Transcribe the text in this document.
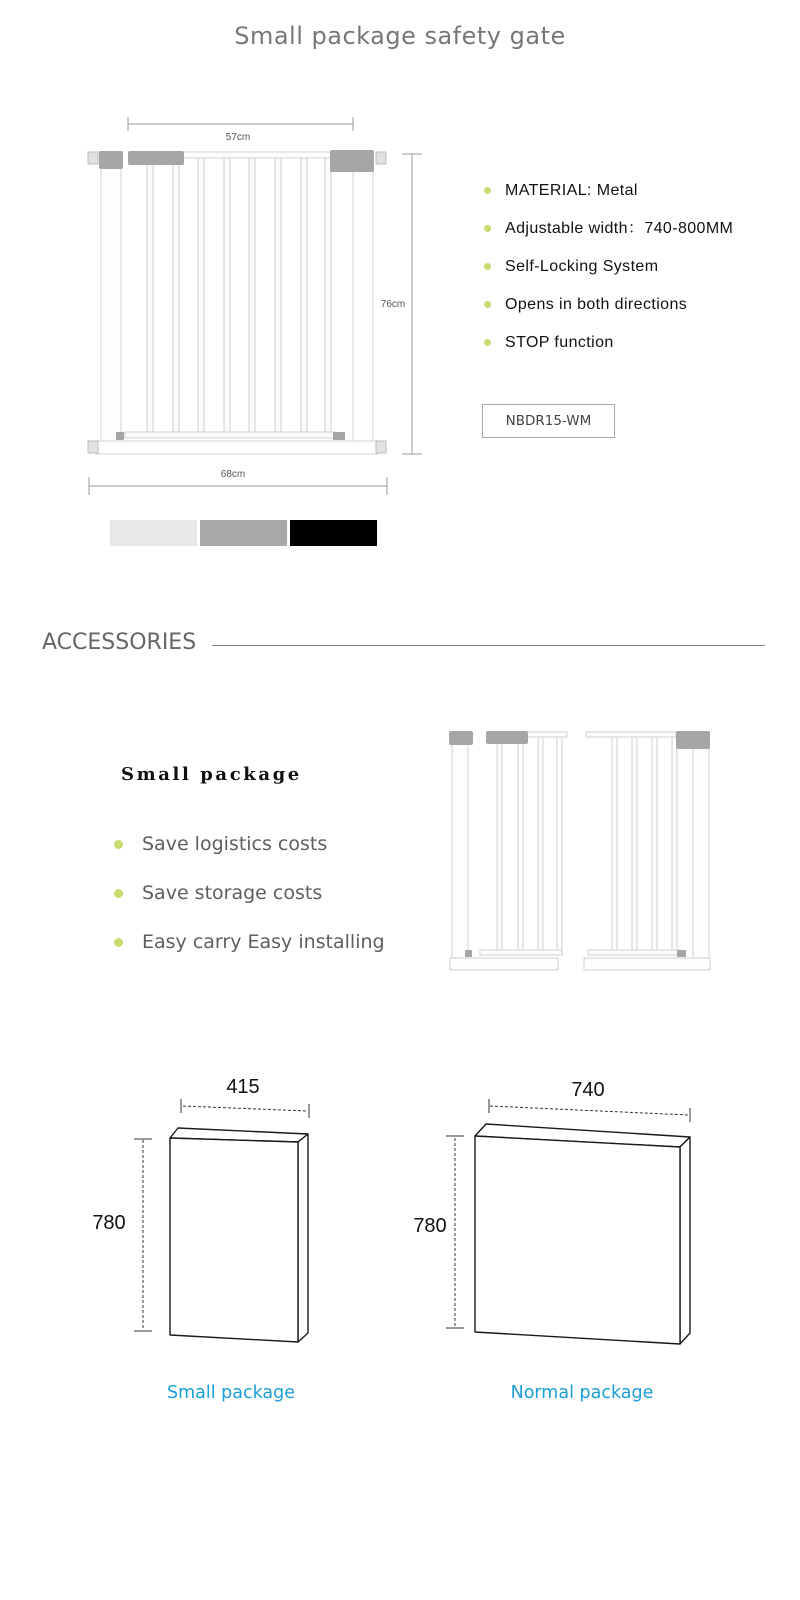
Small package safety gate
57cm
76cm
68cm
MATERIAL: Metal
Adjustable width：740-800MM
Self-Locking System
Opens in both directions
STOP function
NBDR15-WM
ACCESSORIES
Small package
Save logistics costs
Save storage costs
Easy carry Easy installing
415
780
740
780
Small package	Normal package
